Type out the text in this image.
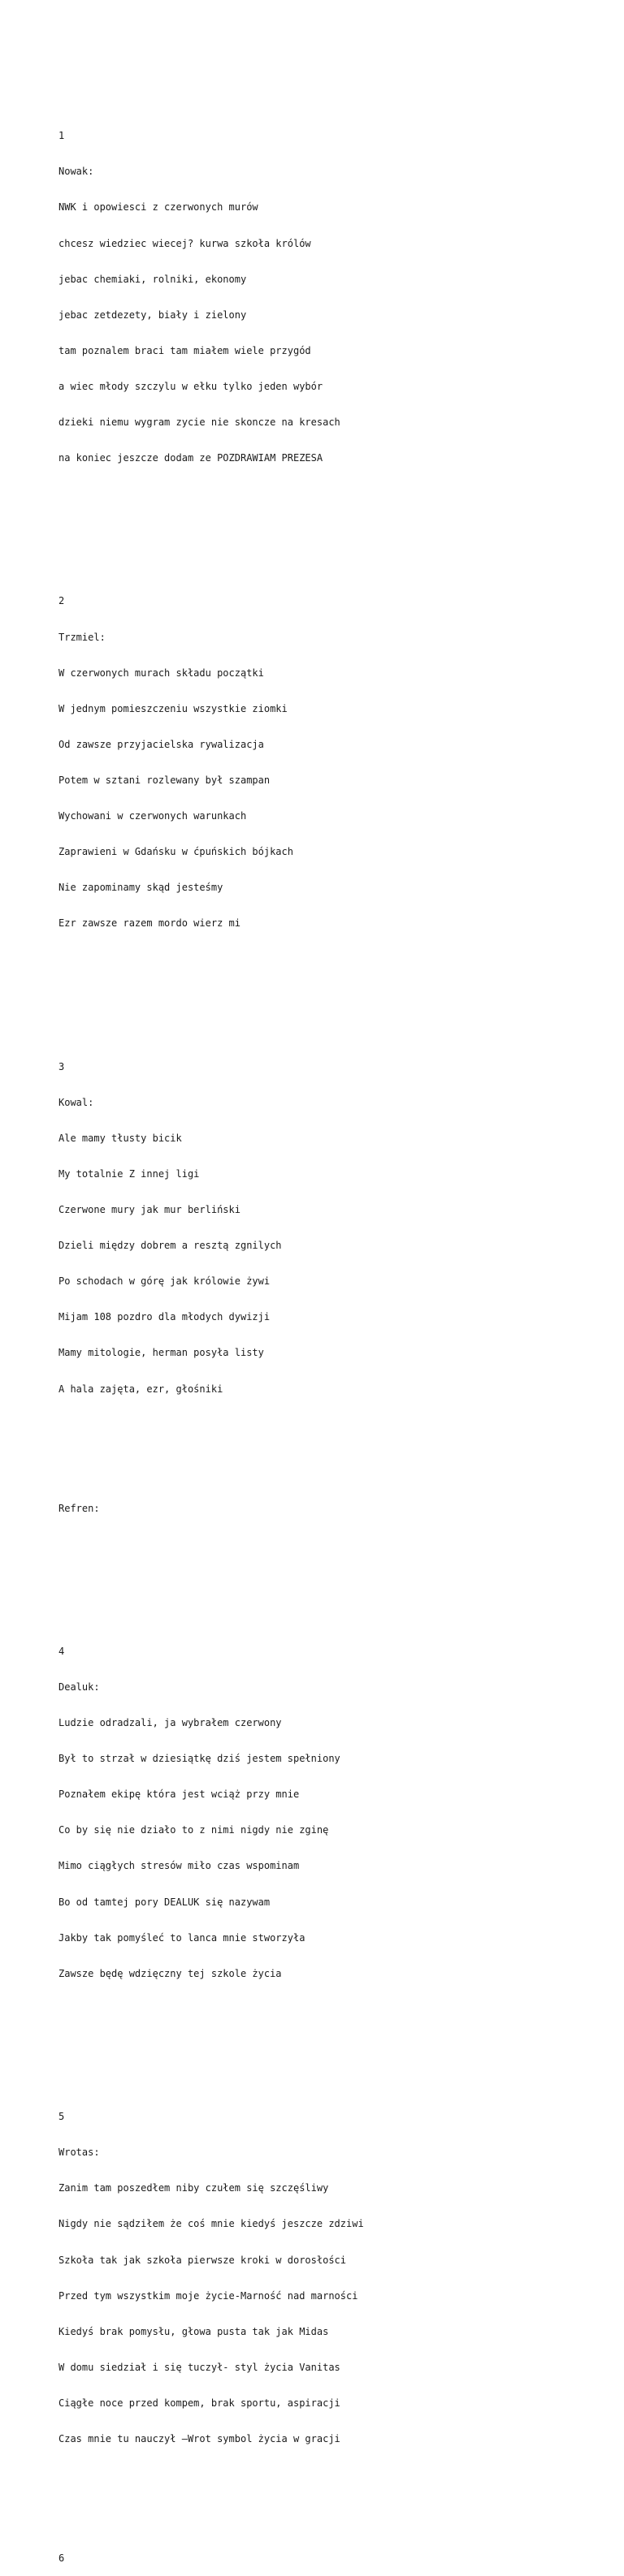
1

Nowak:

NWK i opowiesci z czerwonych murów

chcesz wiedziec wiecej? kurwa szkoła królów

jebac chemiaki, rolniki, ekonomy

jebac zetdezety, biały i zielony

tam poznalem braci tam miałem wiele przygód

a wiec młody szczylu w ełku tylko jeden wybór

dzieki niemu wygram zycie nie skoncze na kresach

na koniec jeszcze dodam ze POZDRAWIAM PREZESA

2

Trzmiel:

W czerwonych murach składu początki

W jednym pomieszczeniu wszystkie ziomki

Od zawsze przyjacielska rywalizacja

Potem w sztani rozlewany był szampan

Wychowani w czerwonych warunkach

Zaprawieni w Gdańsku w ćpuńskich bójkach

Nie zapominamy skąd jesteśmy

Ezr zawsze razem mordo wierz mi

3

Kowal:

Ale mamy tłusty bicik

My totalnie Z innej ligi

Czerwone mury jak mur berliński

Dzieli między dobrem a resztą zgnilych

Po schodach w górę jak królowie żywi

Mijam 108 pozdro dla młodych dywizji

Mamy mitologie, herman posyła listy

A hala zajęta, ezr, głośniki

Refren:

4

Dealuk:

Ludzie odradzali, ja wybrałem czerwony

Był to strzał w dziesiątkę dziś jestem spełniony

Poznałem ekipę która jest wciąż przy mnie

Co by się nie działo to z nimi nigdy nie zginę

Mimo ciągłych stresów miło czas wspominam

Bo od tamtej pory DEALUK się nazywam

Jakby tak pomyśleć to lanca mnie stworzyła

Zawsze będę wdzięczny tej szkole życia

5

Wrotas:

Zanim tam poszedłem niby czułem się szczęśliwy

Nigdy nie sądziłem że coś mnie kiedyś jeszcze zdziwi

Szkoła tak jak szkoła pierwsze kroki w dorosłości

Przed tym wszystkim moje życie-Marność nad marności

Kiedyś brak pomysłu, głowa pusta tak jak Midas

W domu siedział i się tuczył- styl życia Vanitas

Ciągłe noce przed kompem, brak sportu, aspiracji

Czas mnie tu nauczył –Wrot symbol życia w gracji

6
